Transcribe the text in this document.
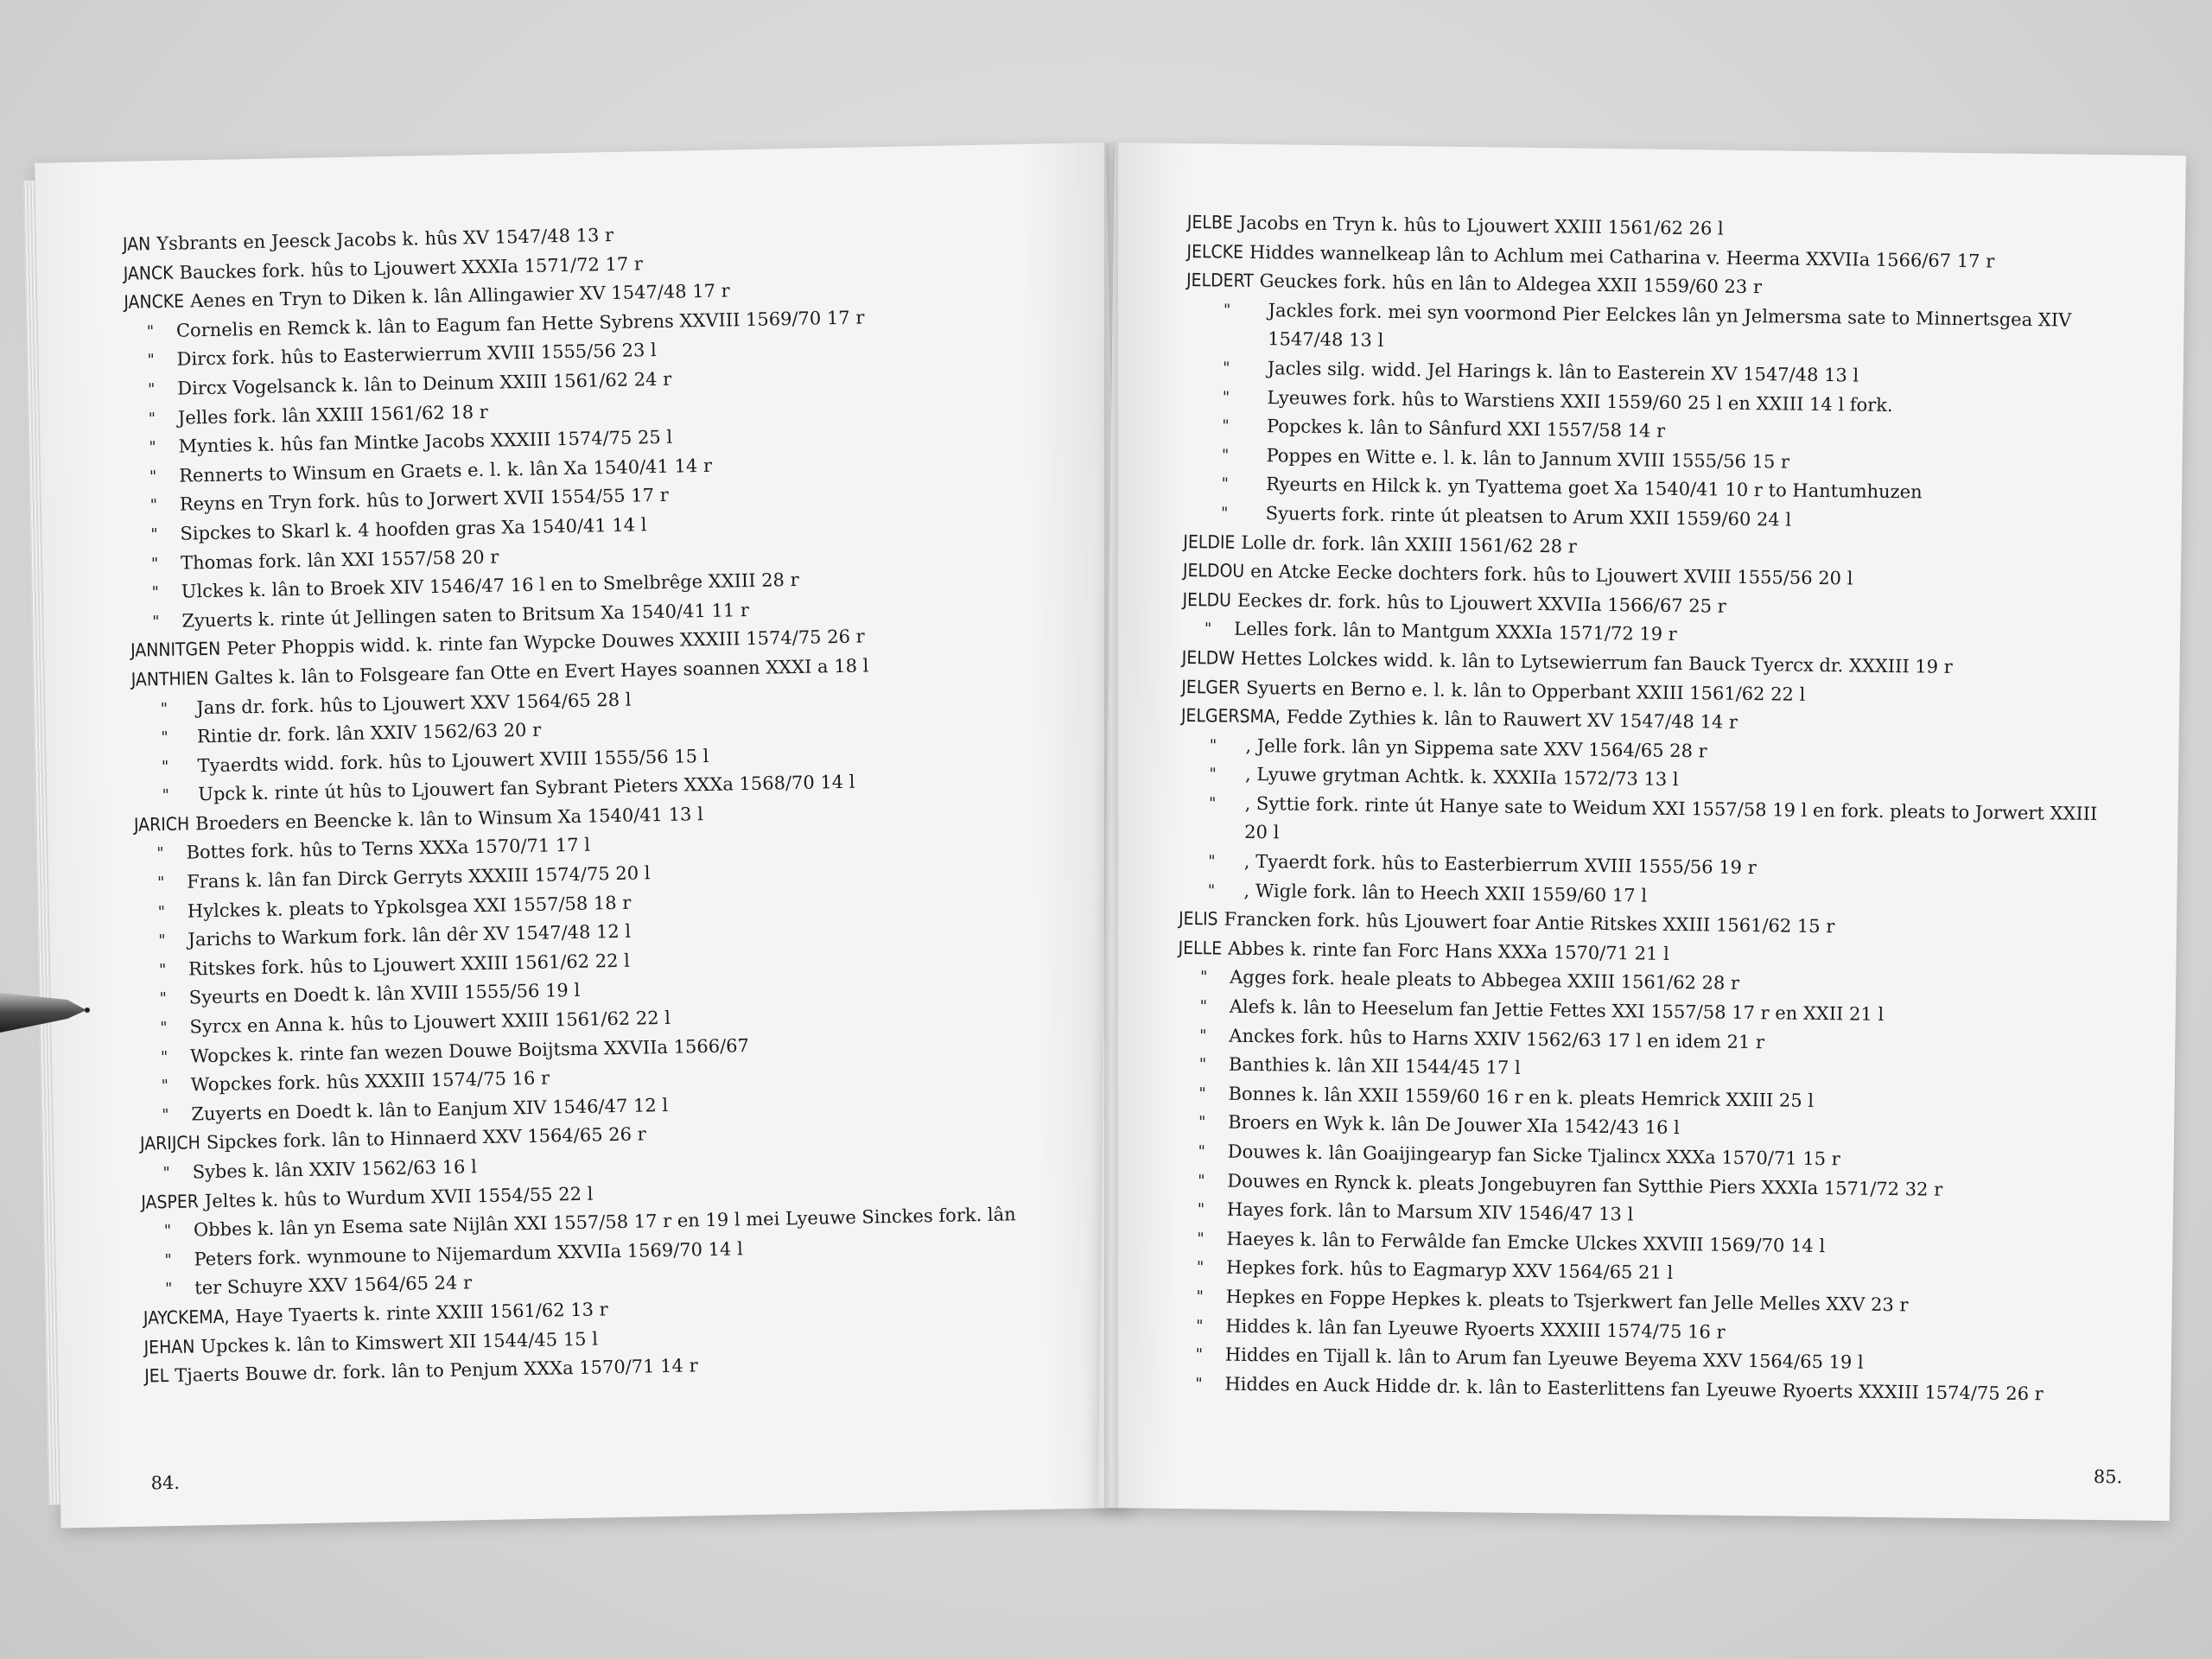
JAN Ysbrants en Jeesck Jacobs k. hûs XV 1547/48 13 r
JANCK Bauckes fork. hûs to Ljouwert XXXIa 1571/72 17 r
JANCKE Aenes en Tryn to Diken k. lân Allingawier XV 1547/48 17 r
"	Cornelis en Remck k. lân to Eagum fan Hette Sybrens XXVIII 1569/70 17 r
"	Dircx fork. hûs to Easterwierrum XVIII 1555/56 23 l
"	Dircx Vogelsanck k. lân to Deinum XXIII 1561/62 24 r
"	Jelles fork. lân XXIII 1561/62 18 r
"	Mynties k. hûs fan Mintke Jacobs XXXIII 1574/75 25 l
"	Rennerts to Winsum en Graets e. l. k. lân Xa 1540/41 14 r
"	Reyns en Tryn fork. hûs to Jorwert XVII 1554/55 17 r
"	Sipckes to Skarl k. 4 hoofden gras Xa 1540/41 14 l
"	Thomas fork. lân XXI 1557/58 20 r
"	Ulckes k. lân to Broek XIV 1546/47 16 l en to Smelbrêge XXIII 28 r
"	Zyuerts k. rinte út Jellingen saten to Britsum Xa 1540/41 11 r
JANNITGEN Peter Phoppis widd. k. rinte fan Wypcke Douwes XXXIII 1574/75 26 r
JANTHIEN Galtes k. lân to Folsgeare fan Otte en Evert Hayes soannen XXXI a 18 l
"	Jans dr. fork. hûs to Ljouwert XXV 1564/65 28 l
"	Rintie dr. fork. lân XXIV 1562/63 20 r
"	Tyaerdts widd. fork. hûs to Ljouwert XVIII 1555/56 15 l
"	Upck k. rinte út hûs to Ljouwert fan Sybrant Pieters XXXa 1568/70 14 l
JARICH Broeders en Beencke k. lân to Winsum Xa 1540/41 13 l
"	Bottes fork. hûs to Terns XXXa 1570/71 17 l
"	Frans k. lân fan Dirck Gerryts XXXIII 1574/75 20 l
"	Hylckes k. pleats to Ypkolsgea XXI 1557/58 18 r
"	Jarichs to Warkum fork. lân dêr XV 1547/48 12 l
"	Ritskes fork. hûs to Ljouwert XXIII 1561/62 22 l
"	Syeurts en Doedt k. lân XVIII 1555/56 19 l
"	Syrcx en Anna k. hûs to Ljouwert XXIII 1561/62 22 l
"	Wopckes k. rinte fan wezen Douwe Boijtsma XXVIIa 1566/67
"	Wopckes fork. hûs XXXIII 1574/75 16 r
"	Zuyerts en Doedt k. lân to Eanjum XIV 1546/47 12 l
JARIJCH Sipckes fork. lân to Hinnaerd XXV 1564/65 26 r
"	Sybes k. lân XXIV 1562/63 16 l
JASPER Jeltes k. hûs to Wurdum XVII 1554/55 22 l
"	Obbes k. lân yn Esema sate Nijlân XXI 1557/58 17 r en 19 l mei Lyeuwe Sinckes fork. lân
"	Peters fork. wynmoune to Nijemardum XXVIIa 1569/70 14 l
"	ter Schuyre XXV 1564/65 24 r
JAYCKEMA, Haye Tyaerts k. rinte XXIII 1561/62 13 r
JEHAN Upckes k. lân to Kimswert XII 1544/45 15 l
JEL Tjaerts Bouwe dr. fork. lân to Penjum XXXa 1570/71 14 r
84.
JELBE Jacobs en Tryn k. hûs to Ljouwert XXIII 1561/62 26 l
JELCKE Hiddes wannelkeap lân to Achlum mei Catharina v. Heerma XXVIIa 1566/67 17 r
JELDERT Geuckes fork. hûs en lân to Aldegea XXII 1559/60 23 r
"	Jackles fork. mei syn voormond Pier Eelckes lân yn Jelmersma sate to Minnertsgea XIV 1547/48 13 l
"	Jacles silg. widd. Jel Harings k. lân to Easterein XV 1547/48 13 l
"	Lyeuwes fork. hûs to Warstiens XXII 1559/60 25 l en XXIII 14 l fork.
"	Popckes k. lân to Sânfurd XXI 1557/58 14 r
"	Poppes en Witte e. l. k. lân to Jannum XVIII 1555/56 15 r
"	Ryeurts en Hilck k. yn Tyattema goet Xa 1540/41 10 r to Hantumhuzen
"	Syuerts fork. rinte út pleatsen to Arum XXII 1559/60 24 l
JELDIE Lolle dr. fork. lân XXIII 1561/62 28 r
JELDOU en Atcke Eecke dochters fork. hûs to Ljouwert XVIII 1555/56 20 l
JELDU Eeckes dr. fork. hûs to Ljouwert XXVIIa 1566/67 25 r
"	Lelles fork. lân to Mantgum XXXIa 1571/72 19 r
JELDW Hettes Lolckes widd. k. lân to Lytsewierrum fan Bauck Tyercx dr. XXXIII 19 r
JELGER Syuerts en Berno e. l. k. lân to Opperbant XXIII 1561/62 22 l
JELGERSMA, Fedde Zythies k. lân to Rauwert XV 1547/48 14 r
"	, Jelle fork. lân yn Sippema sate XXV 1564/65 28 r
"	, Lyuwe grytman Achtk. k. XXXIIa 1572/73 13 l
"	, Syttie fork. rinte út Hanye sate to Weidum XXI 1557/58 19 l en fork. pleats to Jorwert XXIII 20 l
"	, Tyaerdt fork. hûs to Easterbierrum XVIII 1555/56 19 r
"	, Wigle fork. lân to Heech XXII 1559/60 17 l
JELIS Francken fork. hûs Ljouwert foar Antie Ritskes XXIII 1561/62 15 r
JELLE Abbes k. rinte fan Forc Hans XXXa 1570/71 21 l
"	Agges fork. heale pleats to Abbegea XXIII 1561/62 28 r
"	Alefs k. lân to Heeselum fan Jettie Fettes XXI 1557/58 17 r en XXII 21 l
"	Anckes fork. hûs to Harns XXIV 1562/63 17 l en idem 21 r
"	Banthies k. lân XII 1544/45 17 l
"	Bonnes k. lân XXII 1559/60 16 r en k. pleats Hemrick XXIII 25 l
"	Broers en Wyk k. lân De Jouwer XIa 1542/43 16 l
"	Douwes k. lân Goaijingearyp fan Sicke Tjalincx XXXa 1570/71 15 r
"	Douwes en Rynck k. pleats Jongebuyren fan Sytthie Piers XXXIa 1571/72 32 r
"	Hayes fork. lân to Marsum XIV 1546/47 13 l
"	Haeyes k. lân to Ferwâlde fan Emcke Ulckes XXVIII 1569/70 14 l
"	Hepkes fork. hûs to Eagmaryp XXV 1564/65 21 l
"	Hepkes en Foppe Hepkes k. pleats to Tsjerkwert fan Jelle Melles XXV 23 r
"	Hiddes k. lân fan Lyeuwe Ryoerts XXXIII 1574/75 16 r
"	Hiddes en Tijall k. lân to Arum fan Lyeuwe Beyema XXV 1564/65 19 l
"	Hiddes en Auck Hidde dr. k. lân to Easterlittens fan Lyeuwe Ryoerts XXXIII 1574/75 26 r
85.
